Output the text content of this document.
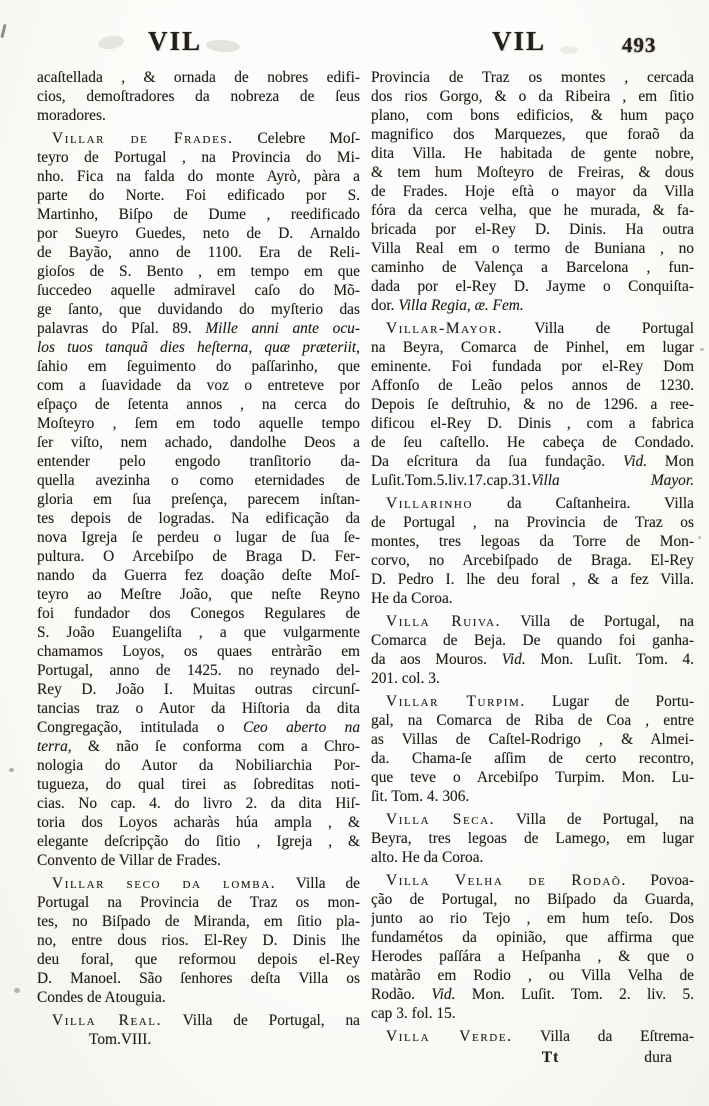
VIL	VIL	493
acaſtellada , & ornada de nobres edifi-
cios, demoſtradores da nobreza de ſeus
moradores.
Villar de Frades. Celebre Moſ-
teyro de Portugal , na Provincia do Mi-
nho. Fica na falda do monte Ayrò, pàra a
parte do Norte. Foi edificado por S.
Martinho, Biſpo de Dume , reedificado
por Sueyro Guedes, neto de D. Arnaldo
de Bayão, anno de 1100. Era de Reli-
gioſos de S. Bento , em tempo em que
ſuccedeo aquelle admiravel caſo do Mõ-
ge ſanto, que duvidando do myſterio das
palavras do Pſal. 89. Mille anni ante ocu-
los tuos tanquã dies heſterna, quæ præteriit,
ſahio em ſeguimento do paſſarinho, que
com a ſuavidade da voz o entreteve por
eſpaço de ſetenta annos , na cerca do
Moſteyro , ſem em todo aquelle tempo
ſer viſto, nem achado, dandolhe Deos a
entender pelo engodo tranſitorio da-
quella avezinha o como eternidades de
gloria em ſua preſença, parecem inſtan-
tes depois de logradas. Na edificação da
nova Igreja ſe perdeu o lugar de ſua ſe-
pultura. O Arcebiſpo de Braga D. Fer-
nando da Guerra fez doação deſte Moſ-
teyro ao Meſtre João, que neſte Reyno
foi fundador dos Conegos Regulares de
S. João Euangeliſta , a que vulgarmente
chamamos Loyos, os quaes entràrão em
Portugal, anno de 1425. no reynado del-
Rey D. João I. Muitas outras circunſ-
tancias traz o Autor da Hiſtoria da dita
Congregação, intitulada o Ceo aberto na
terra, & não ſe conforma com a Chro-
nologia do Autor da Nobiliarchia Por-
tugueza, do qual tirei as ſobreditas noti-
cias. No cap. 4. do livro 2. da dita Hiſ-
toria dos Loyos acharàs húa ampla , &
elegante deſcripção do ſitio , Igreja , &
Convento de Villar de Frades.
Villar seco da lomba. Villa de
Portugal na Provincia de Traz os mon-
tes, no Biſpado de Miranda, em ſitio pla-
no, entre dous rios. El-Rey D. Dinis lhe
deu foral, que reformou depois el-Rey
D. Manoel. São ſenhores deſta Villa os
Condes de Atouguia.
Villa Real. Villa de Portugal, na
Tom.VIII.
Provincia de Traz os montes , cercada
dos rios Gorgo, & o da Ribeira , em ſitio
plano, com bons edificios, & hum paço
magnifico dos Marquezes, que foraõ da
dita Villa. He habitada de gente nobre,
& tem hum Moſteyro de Freiras, & dous
de Frades. Hoje eſtà o mayor da Villa
fóra da cerca velha, que he murada, & fa-
bricada por el-Rey D. Dinis. Ha outra
Villa Real em o termo de Buniana , no
caminho de Valença a Barcelona , fun-
dada por el-Rey D. Jayme o Conquiſta-
dor. Villa Regia, æ. Fem.
Villar-Mayor. Villa de Portugal
na Beyra, Comarca de Pinhel, em lugar
eminente. Foi fundada por el-Rey Dom
Affonſo de Leão pelos annos de 1230.
Depois ſe deſtruhio, & no de 1296. a ree-
dificou el-Rey D. Dinis , com a fabrica
de ſeu caſtello. He cabeça de Condado.
Da eſcritura da ſua fundação. Vid. Mon
Luſit.Tom.5.liv.17.cap.31.Villa Mayor.
Villarinho da Caſtanheira. Villa
de Portugal , na Provincia de Traz os
montes, tres legoas da Torre de Mon-
corvo, no Arcebiſpado de Braga. El-Rey
D. Pedro I. lhe deu foral , & a fez Villa.
He da Coroa.
Villa Ruiva. Villa de Portugal, na
Comarca de Beja. De quando foi ganha-
da aos Mouros. Vid. Mon. Luſit. Tom. 4.
201. col. 3.
Villar Turpim. Lugar de Portu-
gal, na Comarca de Riba de Coa , entre
as Villas de Caſtel-Rodrigo , & Almei-
da. Chama-ſe aſſim de certo recontro,
que teve o Arcebiſpo Turpim. Mon. Lu-
ſit. Tom. 4. 306.
Villa Seca. Villa de Portugal, na
Beyra, tres legoas de Lamego, em lugar
alto. He da Coroa.
Villa Velha de Rodaõ. Povoa-
ção de Portugal, no Biſpado da Guarda,
junto ao rio Tejo , em hum teſo. Dos
fundamétos da opinião, que affirma que
Herodes paſſára a Heſpanha , & que o
matàrão em Rodio , ou Villa Velha de
Rodão. Vid. Mon. Luſit. Tom. 2. liv. 5.
cap 3. fol. 15.
Villa Verde. Villa da Eſtrema-
Tt	dura
